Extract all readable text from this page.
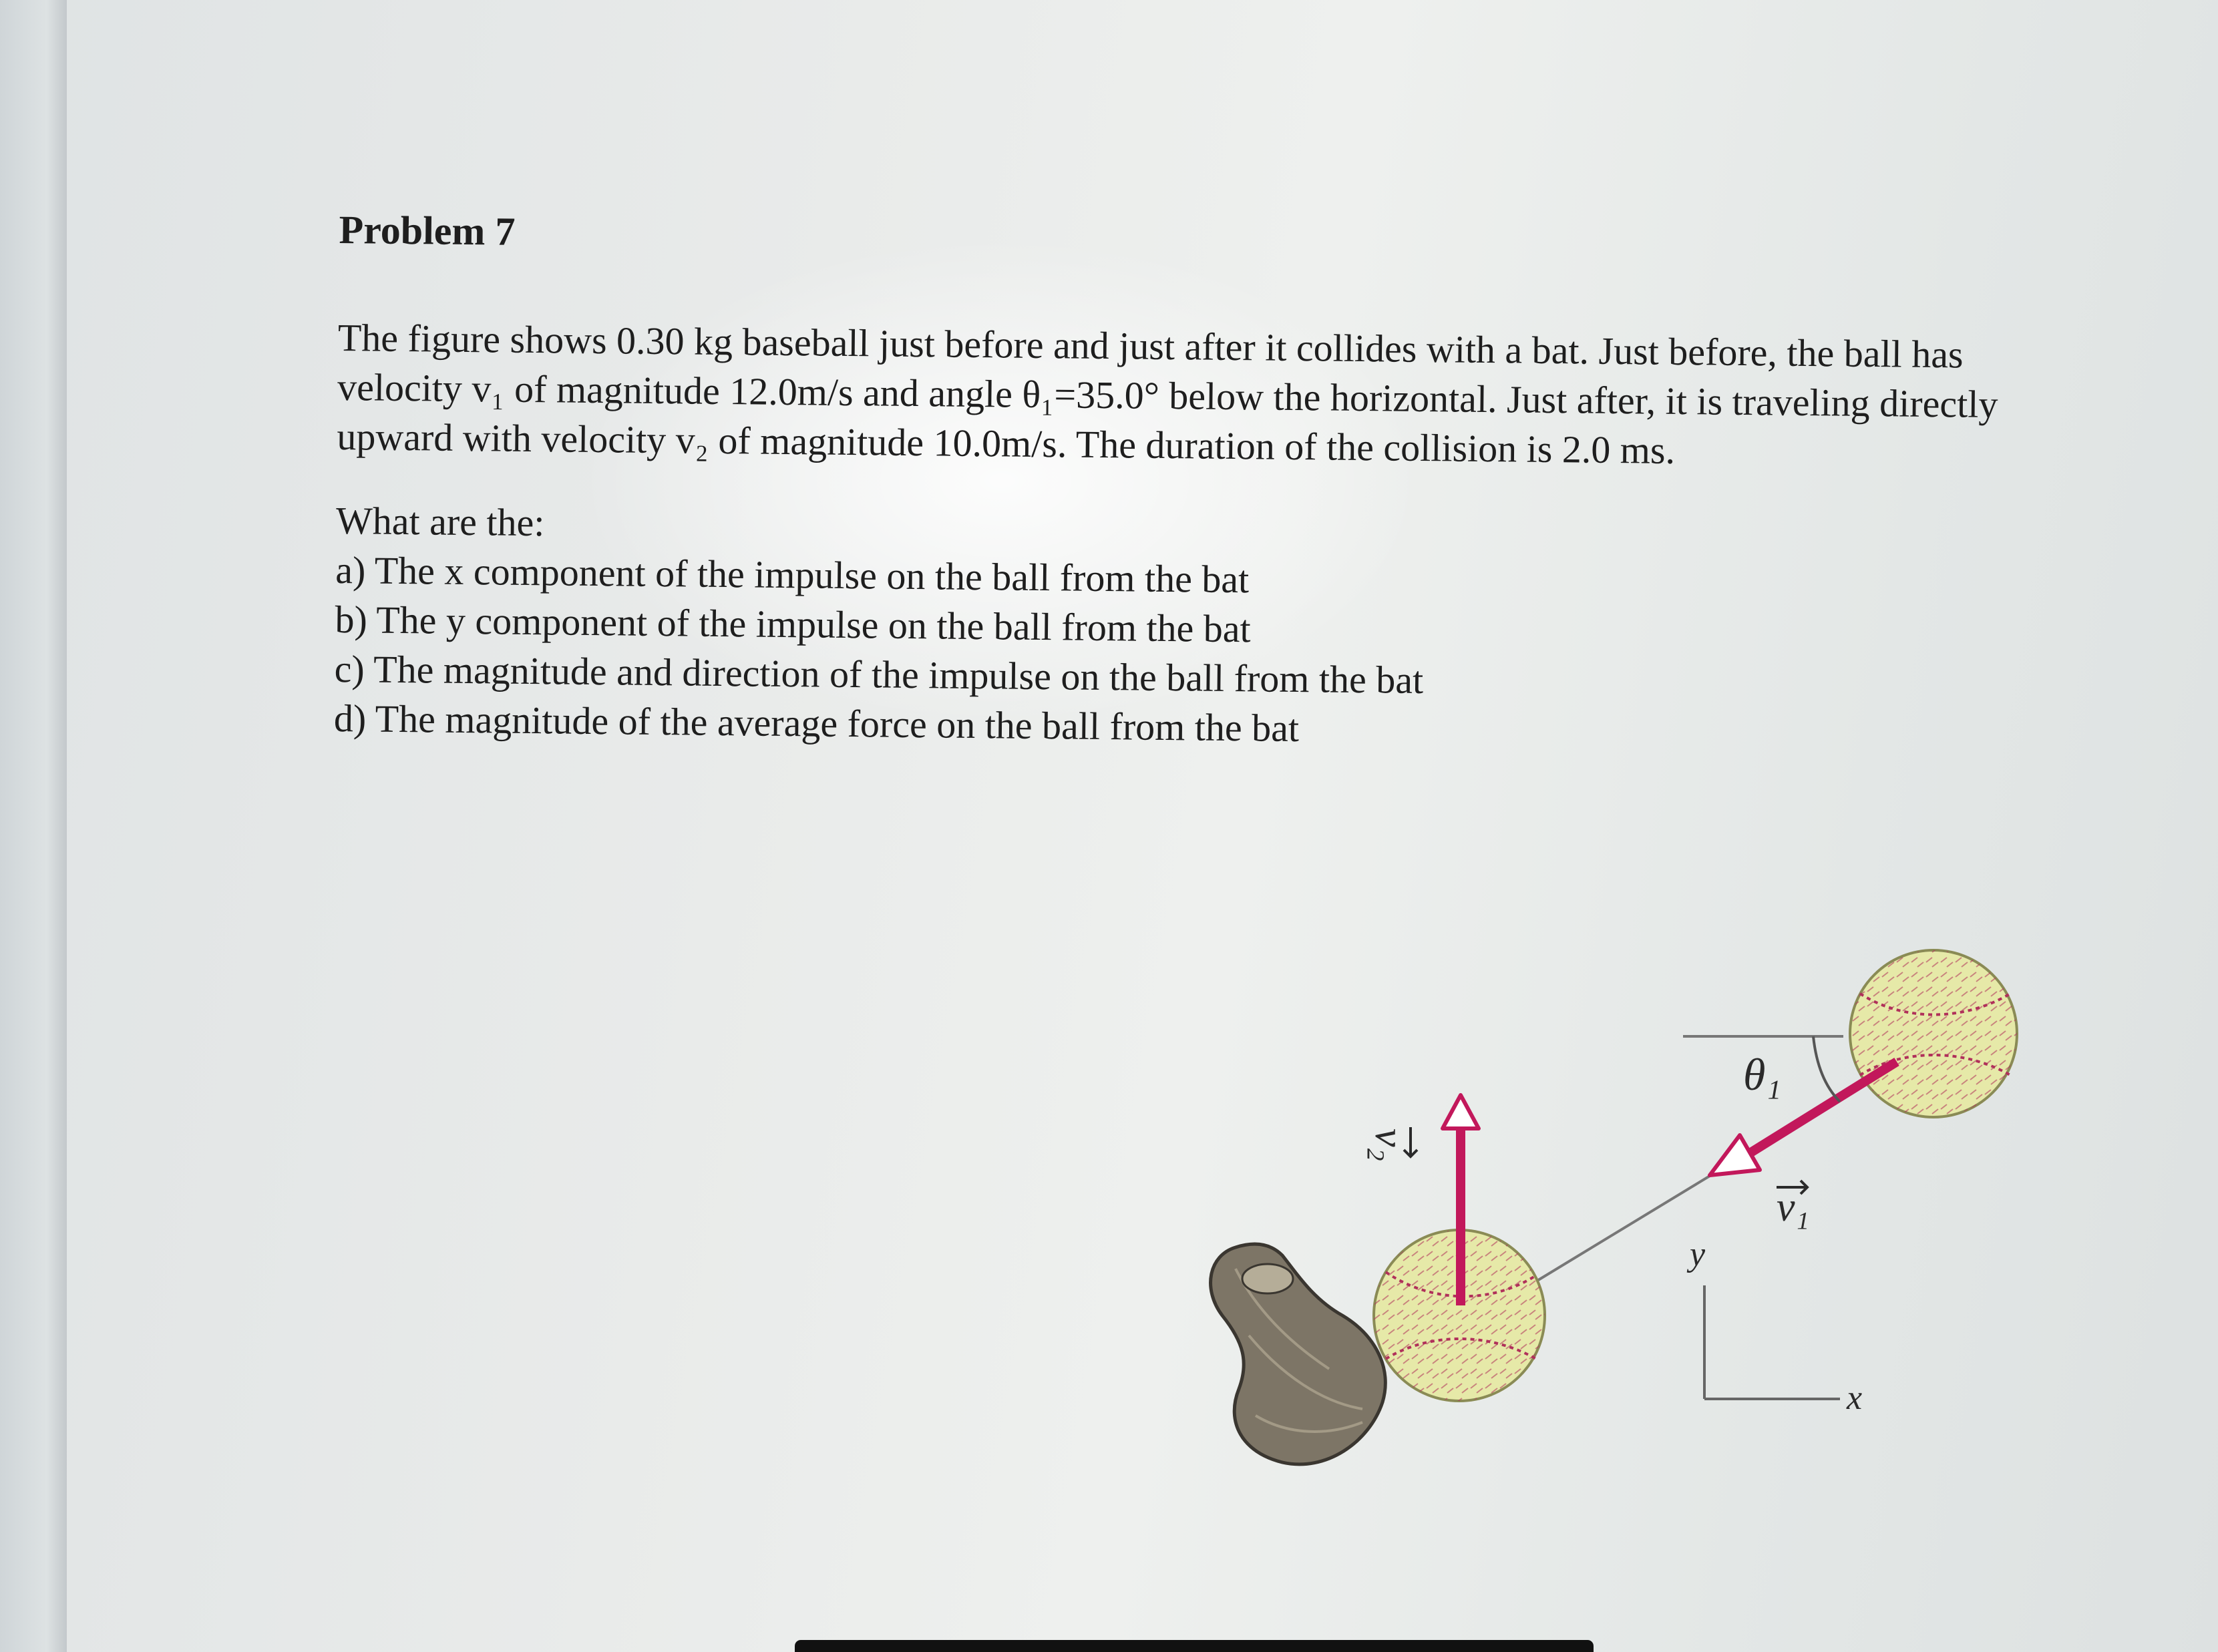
Problem 7
The figure shows 0.30 kg baseball just before and just after it collides with a bat. Just before, the ball has velocity v₁ of magnitude 12.0m/s and angle θ₁=35.0° below the horizontal. Just after, it is traveling directly upward with velocity v₂ of magnitude 10.0m/s. The duration of the collision is 2.0 ms.
What are the:
a) The x component of the impulse on the ball from the bat
b) The y component of the impulse on the ball from the bat
c) The magnitude and direction of the impulse on the ball from the bat
d) The magnitude of the average force on the ball from the bat
v₂
θ₁
v₁
y
x
